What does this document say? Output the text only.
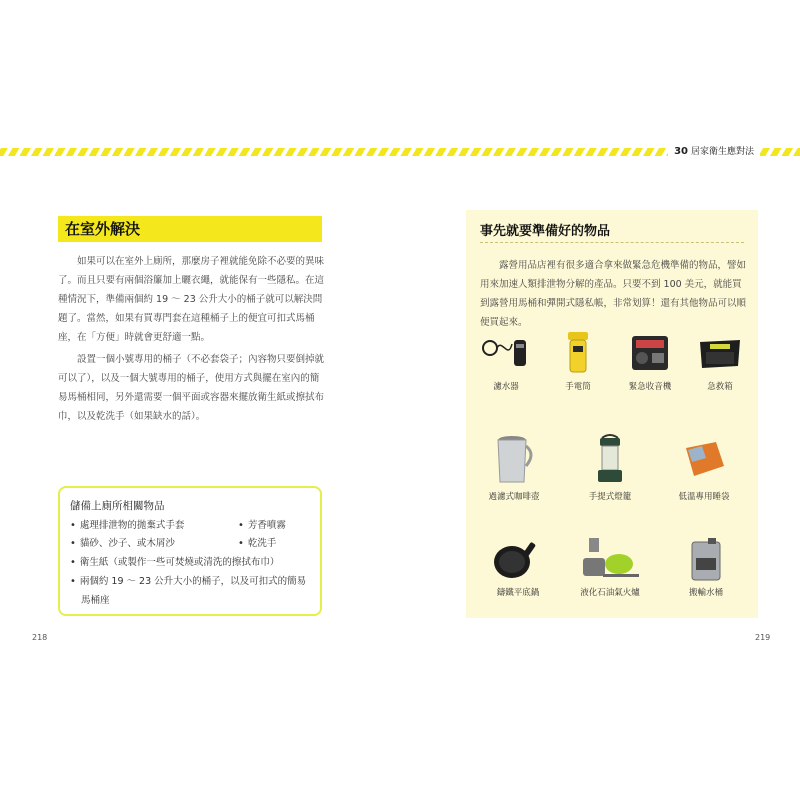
30 居家衛生應對法
在室外解決

如果可以在室外上廁所，那麼房子裡就能免除不必要的異味了。而且只要有兩個浴簾加上曬衣繩，就能保有一些隱私。在這種情況下，準備兩個約 19 ～ 23 公升大小的桶子就可以解決問題了。當然，如果有買專門套在這種桶子上的便宜可扣式馬桶座，在「方便」時就會更舒適一點。

設置一個小號專用的桶子（不必套袋子；內容物只要倒掉就可以了），以及一個大號專用的桶子，使用方式與擺在室內的簡易馬桶相同，另外還需要一個平面或容器來擺放衛生紙或擦拭布巾，以及乾洗手（如果缺水的話）。

儲備上廁所相關物品
• 處理排泄物的拋棄式手套	• 芳香噴霧
• 貓砂、沙子、或木屑沙	• 乾洗手
• 衛生紙（或製作一些可焚燒或清洗的擦拭布巾）
• 兩個約 19 ～ 23 公升大小的桶子，以及可扣式的簡易
馬桶座
218
事先就要準備好的物品

露營用品店裡有很多適合拿來做緊急危機準備的物品，譬如用來加速人類排泄物分解的產品。只要不到 100 美元，就能買到露營用馬桶和彈開式隱私帳，非常划算！還有其他物品可以順便買起來。

濾水器	手電筒	緊急收音機	急救箱
過濾式咖啡壺	手提式燈籠	低溫專用睡袋
鑄鐵平底鍋	液化石油氣火爐	搬輸水桶
219
